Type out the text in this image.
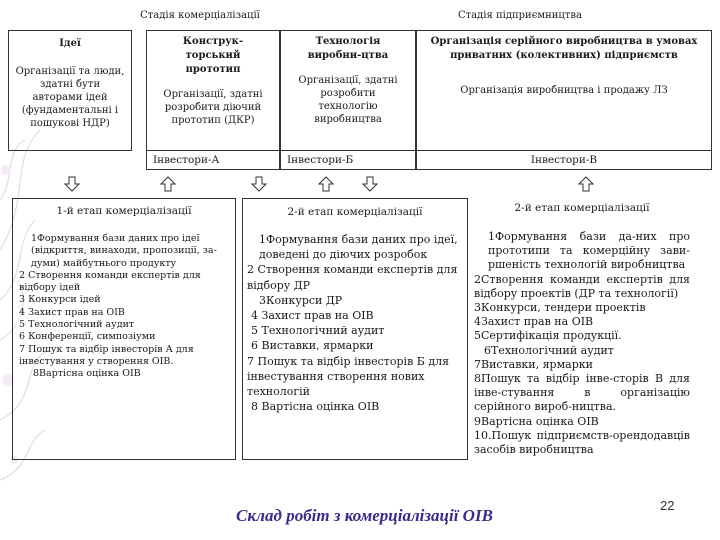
Стадія комерціалізації	Стадія підприємництва
Ідеї
Організації та люди, здатні бути авторами ідей (фундаментальні і пошукові НДР)
Конструк-торський прототип
Організації, здатні розробити діючий прототип (ДКР)
Технологія виробни-цтва
Організації, здатні розробити технологію виробництва
Організація серійного виробництва в умовах приватних (колективних) підприємств
Організація виробництва і продажу ЛЗ
Інвестори-А	Інвестори-Б	Інвестори-В
1-й етап комерціалізації
1Формування бази даних про ідеї (відкриття, винаходи, пропозиції, за-думи) майбутнього продукту
2 Створення команди експертів для відбору ідей
3 Конкурси ідей
4 Захист прав на ОІВ
5 Технологічний аудит
6 Конференції, симпозіуми
7 Пошук та відбір інвесторів А для інвестування у створення ОІВ.
8Вартісна оцінка ОІВ
2-й етап комерціалізації
1Формування бази даних про ідеї, доведені до діючих розробок
2 Створення команди експертів для відбору ДР
3Конкурси ДР
4 Захист прав на ОІВ
5 Технологічний аудит
6 Виставки, ярмарки
7 Пошук та відбір інвесторів Б для інвестування створення нових технологій
8 Вартісна оцінка ОІВ
2-й етап комерціалізації
1Формування бази да-них про прототипи та комерційну зави-ршеність технологій виробництва
2Створення команди експертів для відбору проектів (ДР та технології)
3Конкурси, тендери проектів
4Захист прав на ОІВ
5Сертифікація продукції.
6Технологічний аудит
7Виставки, ярмарки
8Пошук та відбір інве-сторів В для інве-стування в організацію серійного вироб-ництва.
9Вартісна оцінка ОІВ
10.Пошук підприємств-орендодавців засобів виробництва
Склад робіт з комерціалізації ОІВ
22
